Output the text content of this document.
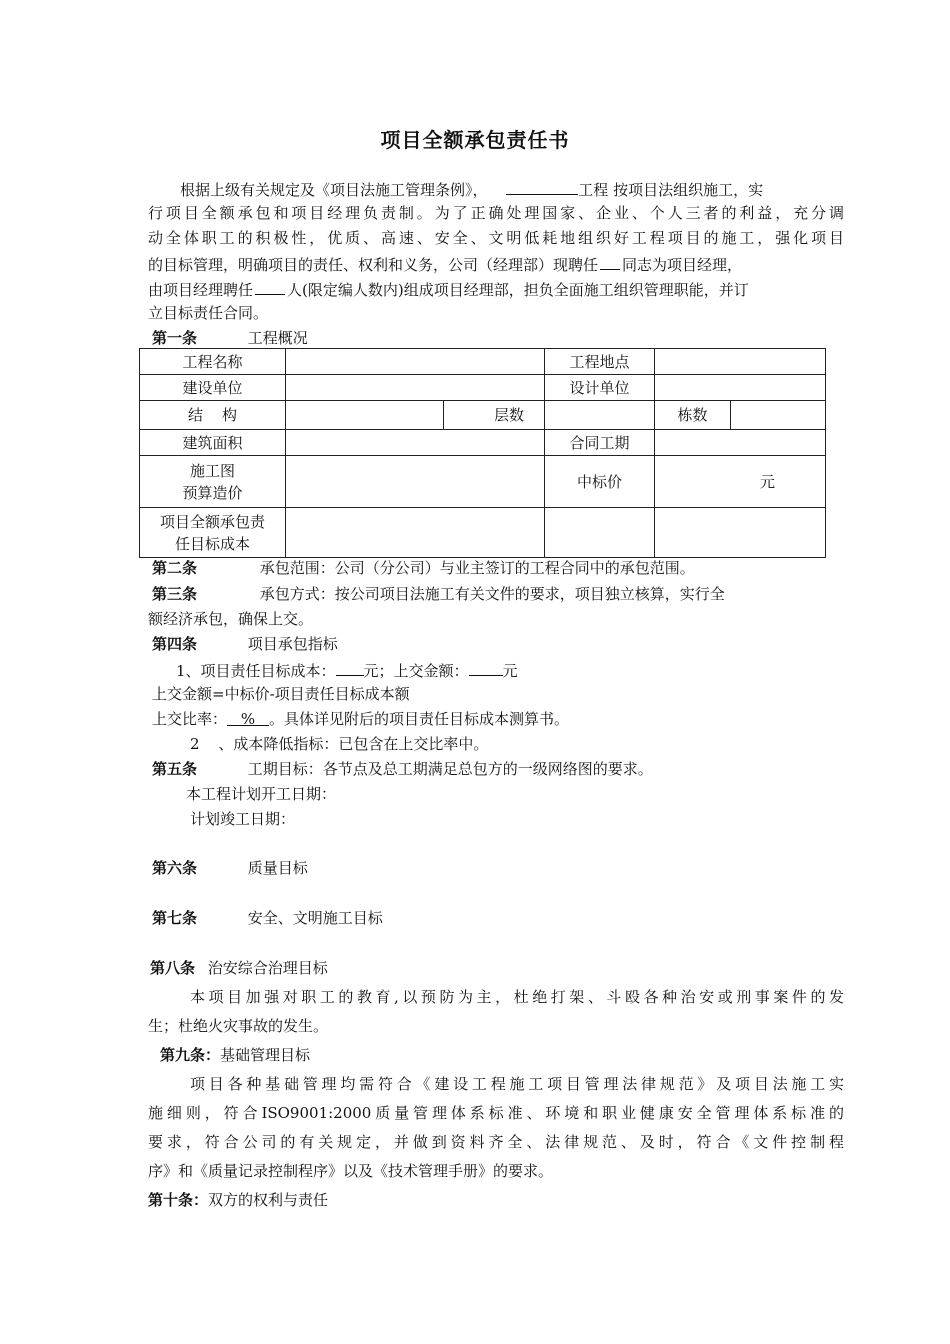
项目全额承包责任书
根据上级有关规定及《项目法施工管理条例》，	工程 按项目法组织施工，实
行项目全额承包和项目经理负责制。为了正确处理国家、企业、个人三者的利益，充分调
动全体职工的积极性，优质、高速、安全、文明低耗地组织好工程项目的施工，强化项目
的目标管理，明确项目的责任、权利和义务，公司（经理部）现聘任 同志为项目经理，
由项目经理聘任 人(限定编人数内)组成项目经理部，担负全面施工组织管理职能，并订
立目标责任合同。
第一条	工程概况
工程名称			工程地点		
建设单位			设计单位		
结    构		层数		栋数	
建筑面积			合同工期		

施工图
预算造价			中标价	元	

项目全额承包责
任目标成本					

第二条	承包范围：公司（分公司）与业主签订的工程合同中的承包范围。
第三条	承包方式：按公司项目法施工有关文件的要求，项目独立核算，实行全
额经济承包，确保上交。
第四条	项目承包指标
1、项目责任目标成本： 元；上交金额： 元
上交金额=中标价-项目责任目标成本额
上交比率： % 。具体详见附后的项目责任目标成本测算书。
2 、成本降低指标：已包含在上交比率中。
第五条	工期目标：各节点及总工期满足总包方的一级网络图的要求。
本工程计划开工日期：
计划竣工日期：
第六条	质量目标
第七条	安全、文明施工目标
第八条 治安综合治理目标
本项目加强对职工的教育,以预防为主，杜绝打架、斗殴各种治安或刑事案件的发
生；杜绝火灾事故的发生。
第九条：基础管理目标
项目各种基础管理均需符合《建设工程施工项目管理法律规范》及项目法施工实
施细则，符合ISO9001:2000质量管理体系标准、环境和职业健康安全管理体系标准的
要求，符合公司的有关规定，并做到资料齐全、法律规范、及时，符合《文件控制程
序》和《质量记录控制程序》以及《技术管理手册》的要求。
第十条：双方的权利与责任
